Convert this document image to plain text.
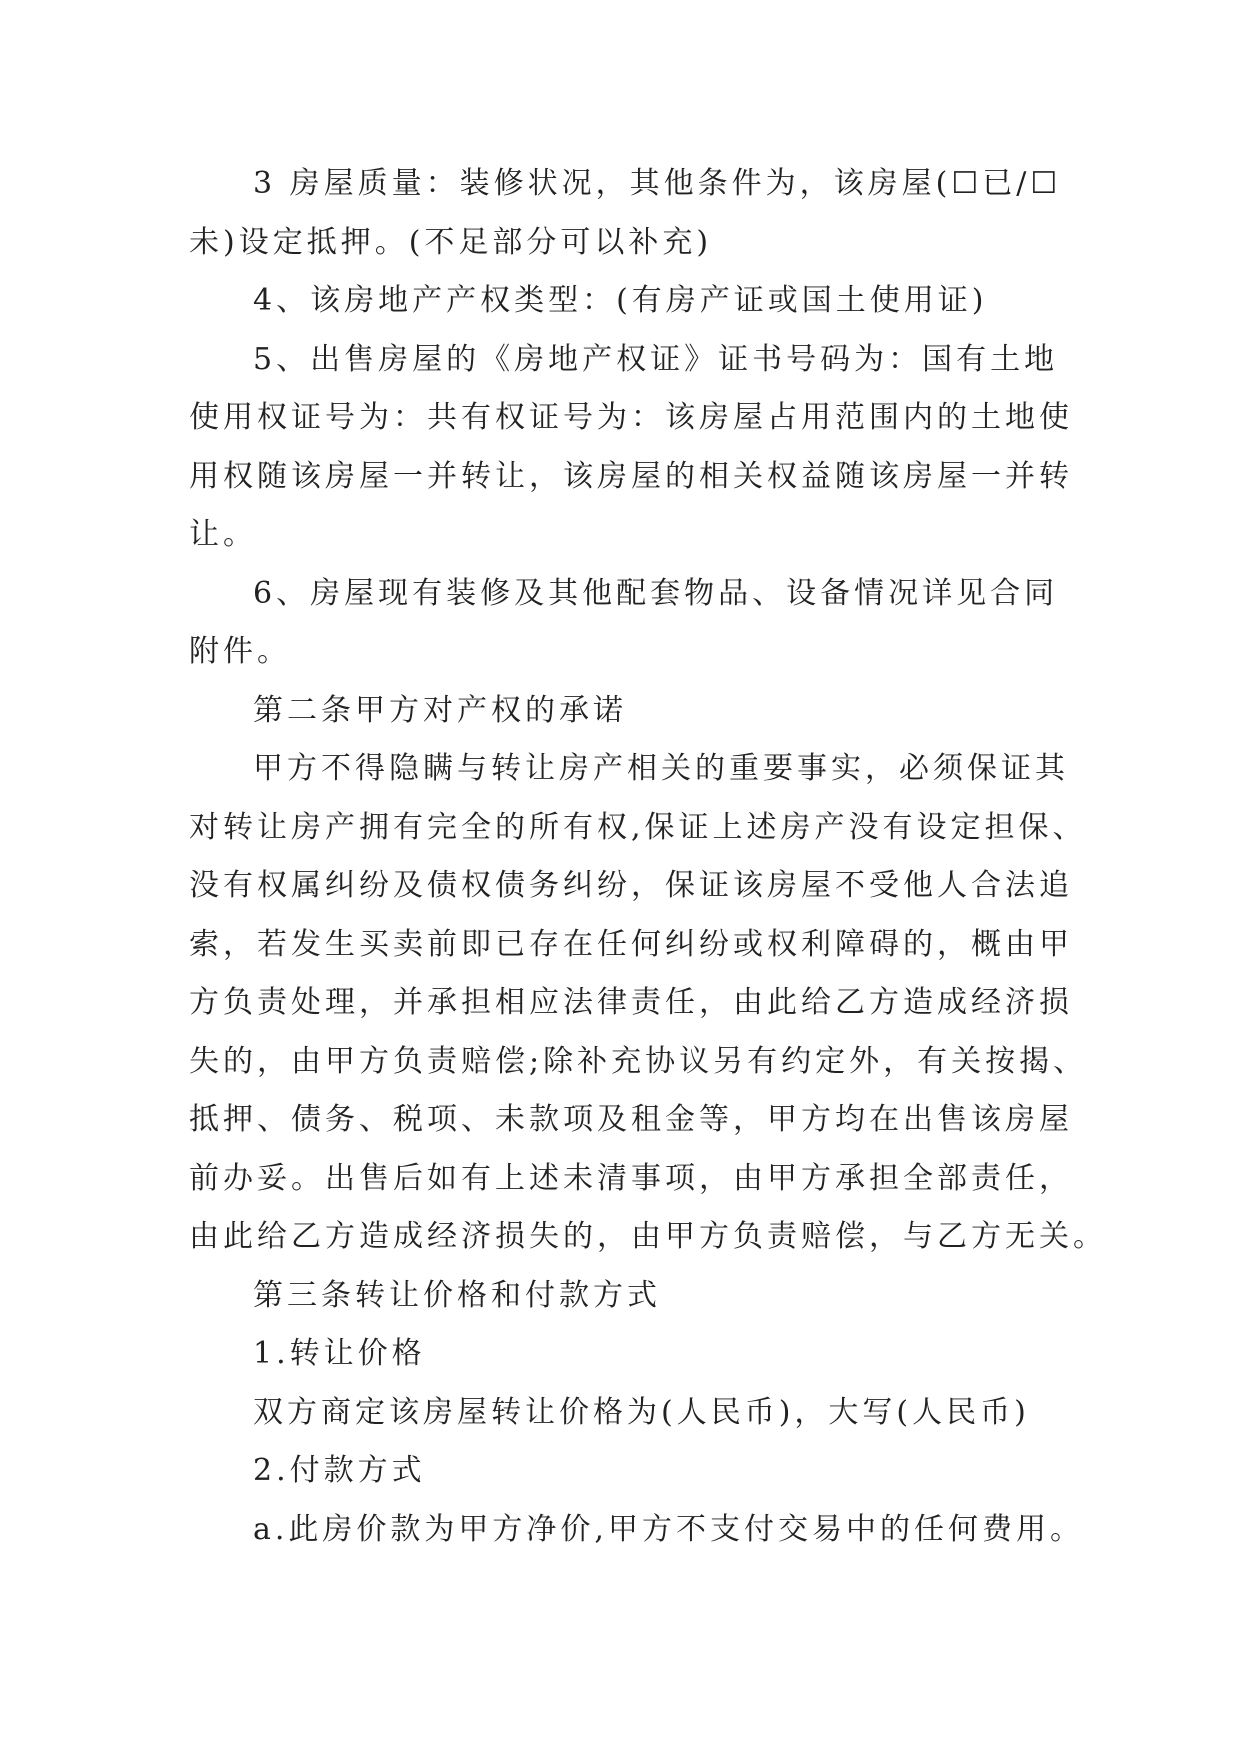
3 房屋质量：装修状况，其他条件为，该房屋(☐已/☐
未)设定抵押。(不足部分可以补充)
4、该房地产产权类型：(有房产证或国土使用证)
5、出售房屋的《房地产权证》证书号码为：国有土地
使用权证号为：共有权证号为：该房屋占用范围内的土地使
用权随该房屋一并转让，该房屋的相关权益随该房屋一并转
让。
6、房屋现有装修及其他配套物品、设备情况详见合同
附件。
第二条甲方对产权的承诺
甲方不得隐瞒与转让房产相关的重要事实，必须保证其
对转让房产拥有完全的所有权,保证上述房产没有设定担保、
没有权属纠纷及债权债务纠纷，保证该房屋不受他人合法追
索，若发生买卖前即已存在任何纠纷或权利障碍的，概由甲
方负责处理，并承担相应法律责任，由此给乙方造成经济损
失的，由甲方负责赔偿;除补充协议另有约定外，有关按揭、
抵押、债务、税项、未款项及租金等，甲方均在出售该房屋
前办妥。出售后如有上述未清事项，由甲方承担全部责任，
由此给乙方造成经济损失的，由甲方负责赔偿，与乙方无关。
第三条转让价格和付款方式
1.转让价格
双方商定该房屋转让价格为(人民币)，大写(人民币)
2.付款方式
a.此房价款为甲方净价,甲方不支付交易中的任何费用。
